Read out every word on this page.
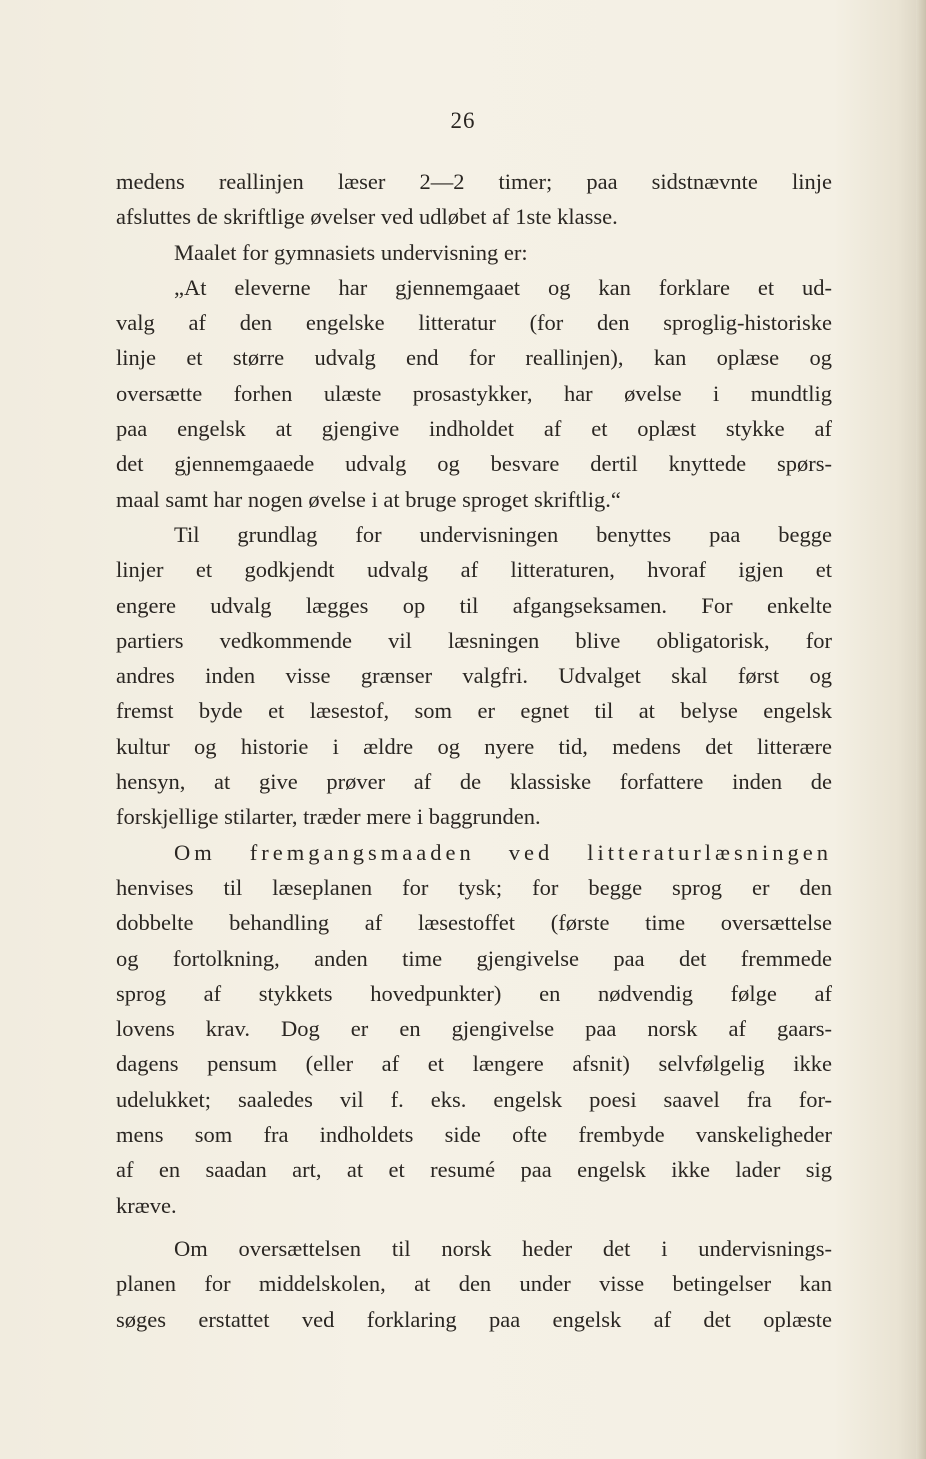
26
medens reallinjen læser 2—2 timer; paa sidstnævnte linje
afsluttes de skriftlige øvelser ved udløbet af 1ste klasse.
Maalet for gymnasiets undervisning er:
„At eleverne har gjennemgaaet og kan forklare et ud-
valg af den engelske litteratur (for den sproglig-historiske
linje et større udvalg end for reallinjen), kan oplæse og
oversætte forhen ulæste prosastykker, har øvelse i mundtlig
paa engelsk at gjengive indholdet af et oplæst stykke af
det gjennemgaaede udvalg og besvare dertil knyttede spørs-
maal samt har nogen øvelse i at bruge sproget skriftlig.“
Til grundlag for undervisningen benyttes paa begge
linjer et godkjendt udvalg af litteraturen, hvoraf igjen et
engere udvalg lægges op til afgangseksamen. For enkelte
partiers vedkommende vil læsningen blive obligatorisk, for
andres inden visse grænser valgfri. Udvalget skal først og
fremst byde et læsestof, som er egnet til at belyse engelsk
kultur og historie i ældre og nyere tid, medens det litterære
hensyn, at give prøver af de klassiske forfattere inden de
forskjellige stilarter, træder mere i baggrunden.
Om fremgangsmaaden ved litteraturlæsningen
henvises til læseplanen for tysk; for begge sprog er den
dobbelte behandling af læsestoffet (første time oversættelse
og fortolkning, anden time gjengivelse paa det fremmede
sprog af stykkets hovedpunkter) en nødvendig følge af
lovens krav. Dog er en gjengivelse paa norsk af gaars-
dagens pensum (eller af et længere afsnit) selvfølgelig ikke
udelukket; saaledes vil f. eks. engelsk poesi saavel fra for-
mens som fra indholdets side ofte frembyde vanskeligheder
af en saadan art, at et resumé paa engelsk ikke lader sig
kræve.
Om oversættelsen til norsk heder det i undervisnings-
planen for middelskolen, at den under visse betingelser kan
søges erstattet ved forklaring paa engelsk af det oplæste
